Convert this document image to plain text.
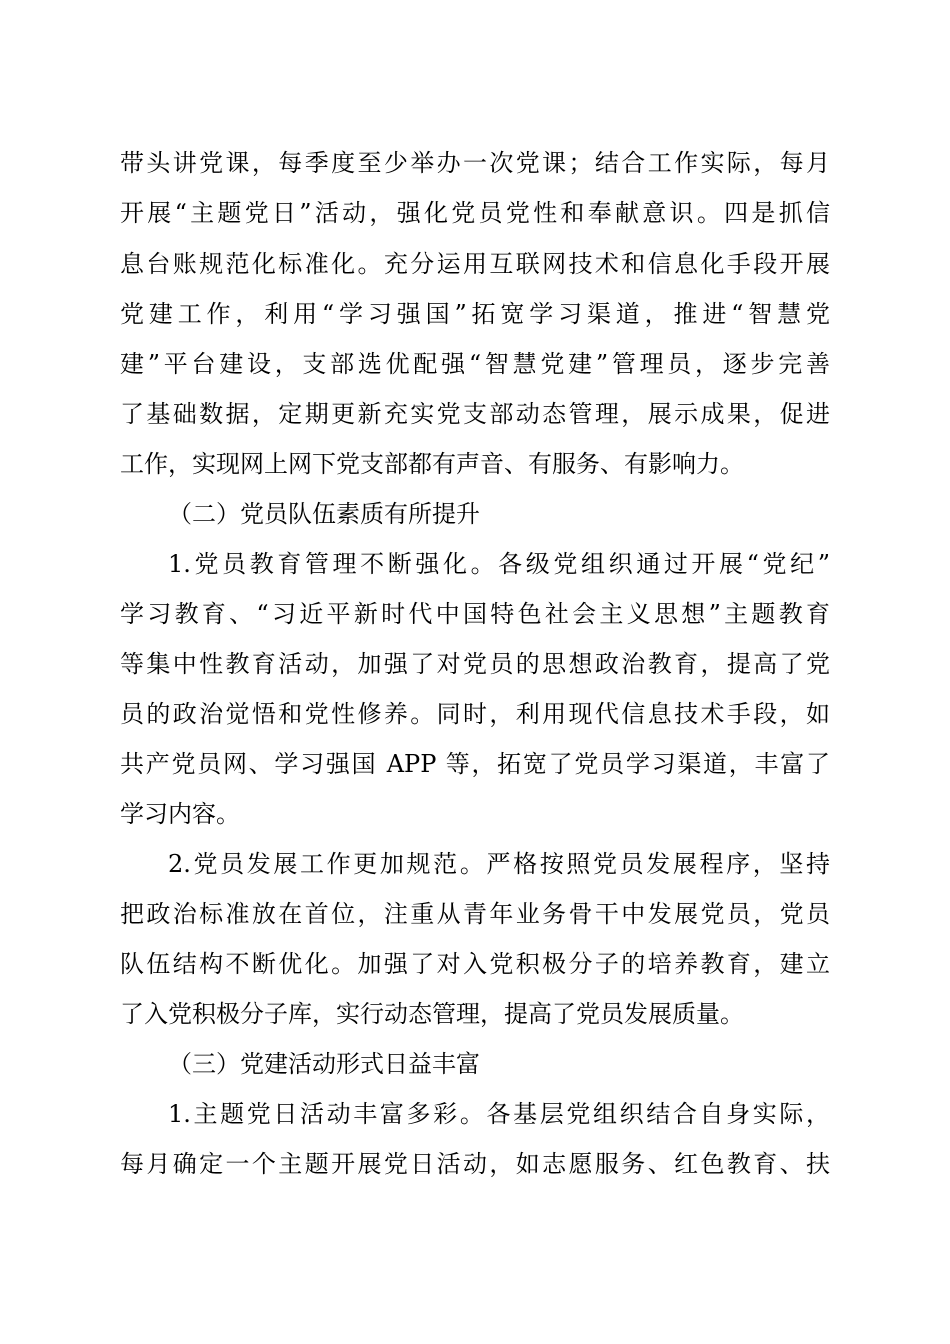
带头讲党课，每季度至少举办一次党课；结合工作实际，每月
开展“主题党日”活动，强化党员党性和奉献意识。四是抓信
息台账规范化标准化。充分运用互联网技术和信息化手段开展
党建工作，利用“学习强国”拓宽学习渠道，推进“智慧党
建”平台建设，支部选优配强“智慧党建”管理员，逐步完善
了基础数据，定期更新充实党支部动态管理，展示成果，促进
工作，实现网上网下党支部都有声音、有服务、有影响力。
（二）党员队伍素质有所提升
1.党员教育管理不断强化。各级党组织通过开展“党纪”
学习教育、“习近平新时代中国特色社会主义思想”主题教育
等集中性教育活动，加强了对党员的思想政治教育，提高了党
员的政治觉悟和党性修养。同时，利用现代信息技术手段，如
共产党员网、学习强国 APP 等，拓宽了党员学习渠道，丰富了
学习内容。
2.党员发展工作更加规范。严格按照党员发展程序，坚持
把政治标准放在首位，注重从青年业务骨干中发展党员，党员
队伍结构不断优化。加强了对入党积极分子的培养教育，建立
了入党积极分子库，实行动态管理，提高了党员发展质量。
（三）党建活动形式日益丰富
1.主题党日活动丰富多彩。各基层党组织结合自身实际，
每月确定一个主题开展党日活动，如志愿服务、红色教育、扶
